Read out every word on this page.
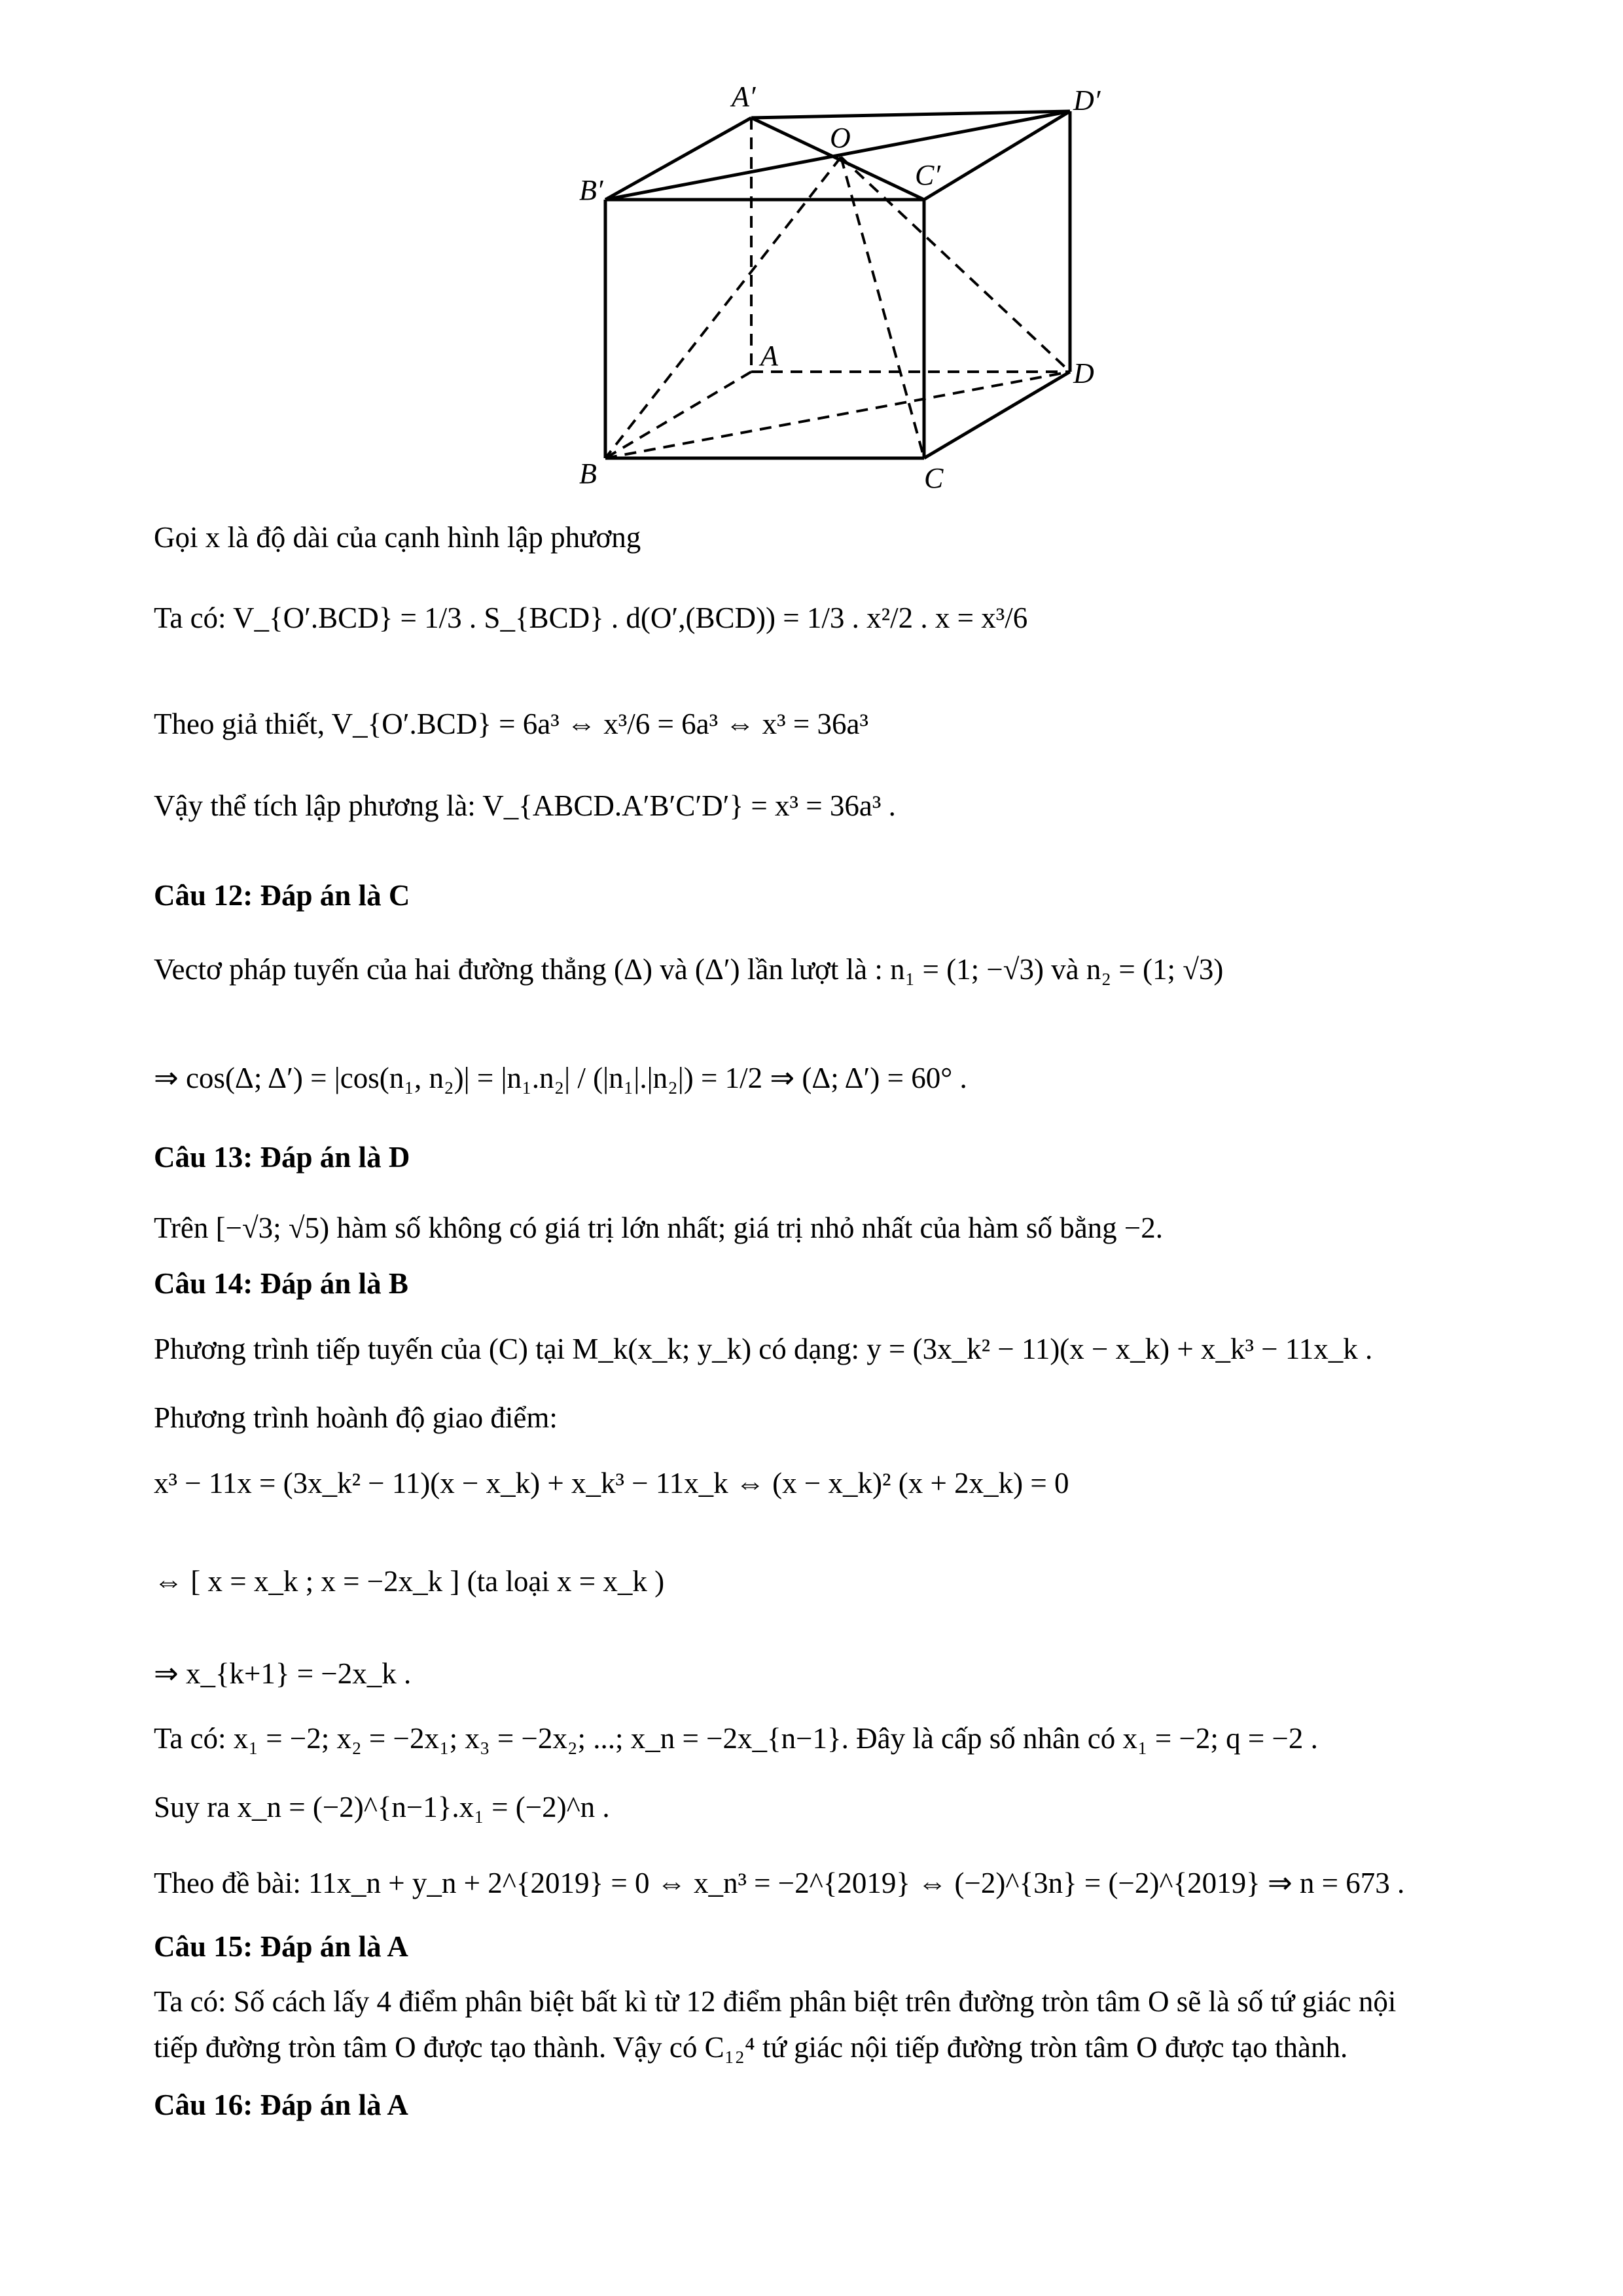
A′	D′
B′	C′
O
A
D
B	C
Gọi x là độ dài của cạnh hình lập phương
Ta có: V_{O′.BCD} = 1/3 . S_{BCD} . d(O′,(BCD)) = 1/3 . x²/2 . x = x³/6
Theo giả thiết, V_{O′.BCD} = 6a³ ⇔ x³/6 = 6a³ ⇔ x³ = 36a³
Vậy thể tích lập phương là: V_{ABCD.A′B′C′D′} = x³ = 36a³ .
Câu 12: Đáp án là C
Vectơ pháp tuyến của hai đường thẳng (Δ) và (Δ′) lần lượt là : n₁ = (1; −√3) và n₂ = (1; √3)
⇒ cos(Δ; Δ′) = |cos(n₁, n₂)| = |n₁.n₂| / (|n₁|.|n₂|) = 1/2 ⇒ (Δ; Δ′) = 60° .
Câu 13: Đáp án là D
Trên [−√3; √5) hàm số không có giá trị lớn nhất; giá trị nhỏ nhất của hàm số bằng −2.
Câu 14: Đáp án là B
Phương trình tiếp tuyến của (C) tại M_k(x_k; y_k) có dạng: y = (3x_k² − 11)(x − x_k) + x_k³ − 11x_k .
Phương trình hoành độ giao điểm:
x³ − 11x = (3x_k² − 11)(x − x_k) + x_k³ − 11x_k ⇔ (x − x_k)² (x + 2x_k) = 0
⇔ [ x = x_k ; x = −2x_k ] (ta loại x = x_k )
⇒ x_{k+1} = −2x_k .
Ta có: x₁ = −2; x₂ = −2x₁; x₃ = −2x₂; ...; x_n = −2x_{n−1}. Đây là cấp số nhân có x₁ = −2; q = −2 .
Suy ra x_n = (−2)^{n−1}.x₁ = (−2)^n .
Theo đề bài: 11x_n + y_n + 2^{2019} = 0 ⇔ x_n³ = −2^{2019} ⇔ (−2)^{3n} = (−2)^{2019} ⇒ n = 673 .
Câu 15: Đáp án là A
Ta có: Số cách lấy 4 điểm phân biệt bất kì từ 12 điểm phân biệt trên đường tròn tâm O sẽ là số tứ giác nội
tiếp đường tròn tâm O được tạo thành. Vậy có C₁₂⁴ tứ giác nội tiếp đường tròn tâm O được tạo thành.
Câu 16: Đáp án là A
